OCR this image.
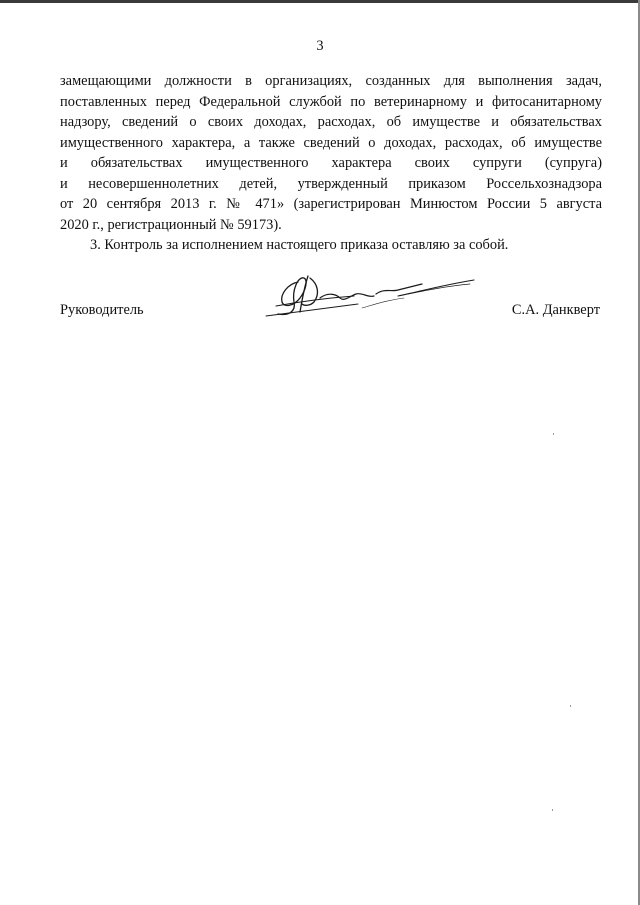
3
замещающими должности в организациях, созданных для выполнения задач,
поставленных перед Федеральной службой по ветеринарному и фитосанитарному
надзору, сведений о своих доходах, расходах, об имуществе и обязательствах
имущественного характера, а также сведений о доходах, расходах, об имуществе
и обязательствах имущественного характера своих супруги (супруга)
и несовершеннолетних детей, утвержденный приказом Россельхознадзора
от 20 сентября 2013 г. № 471» (зарегистрирован Минюстом России 5 августа
2020 г., регистрационный № 59173).
3. Контроль за исполнением настоящего приказа оставляю за собой.
Руководитель	С.А. Данкверт
